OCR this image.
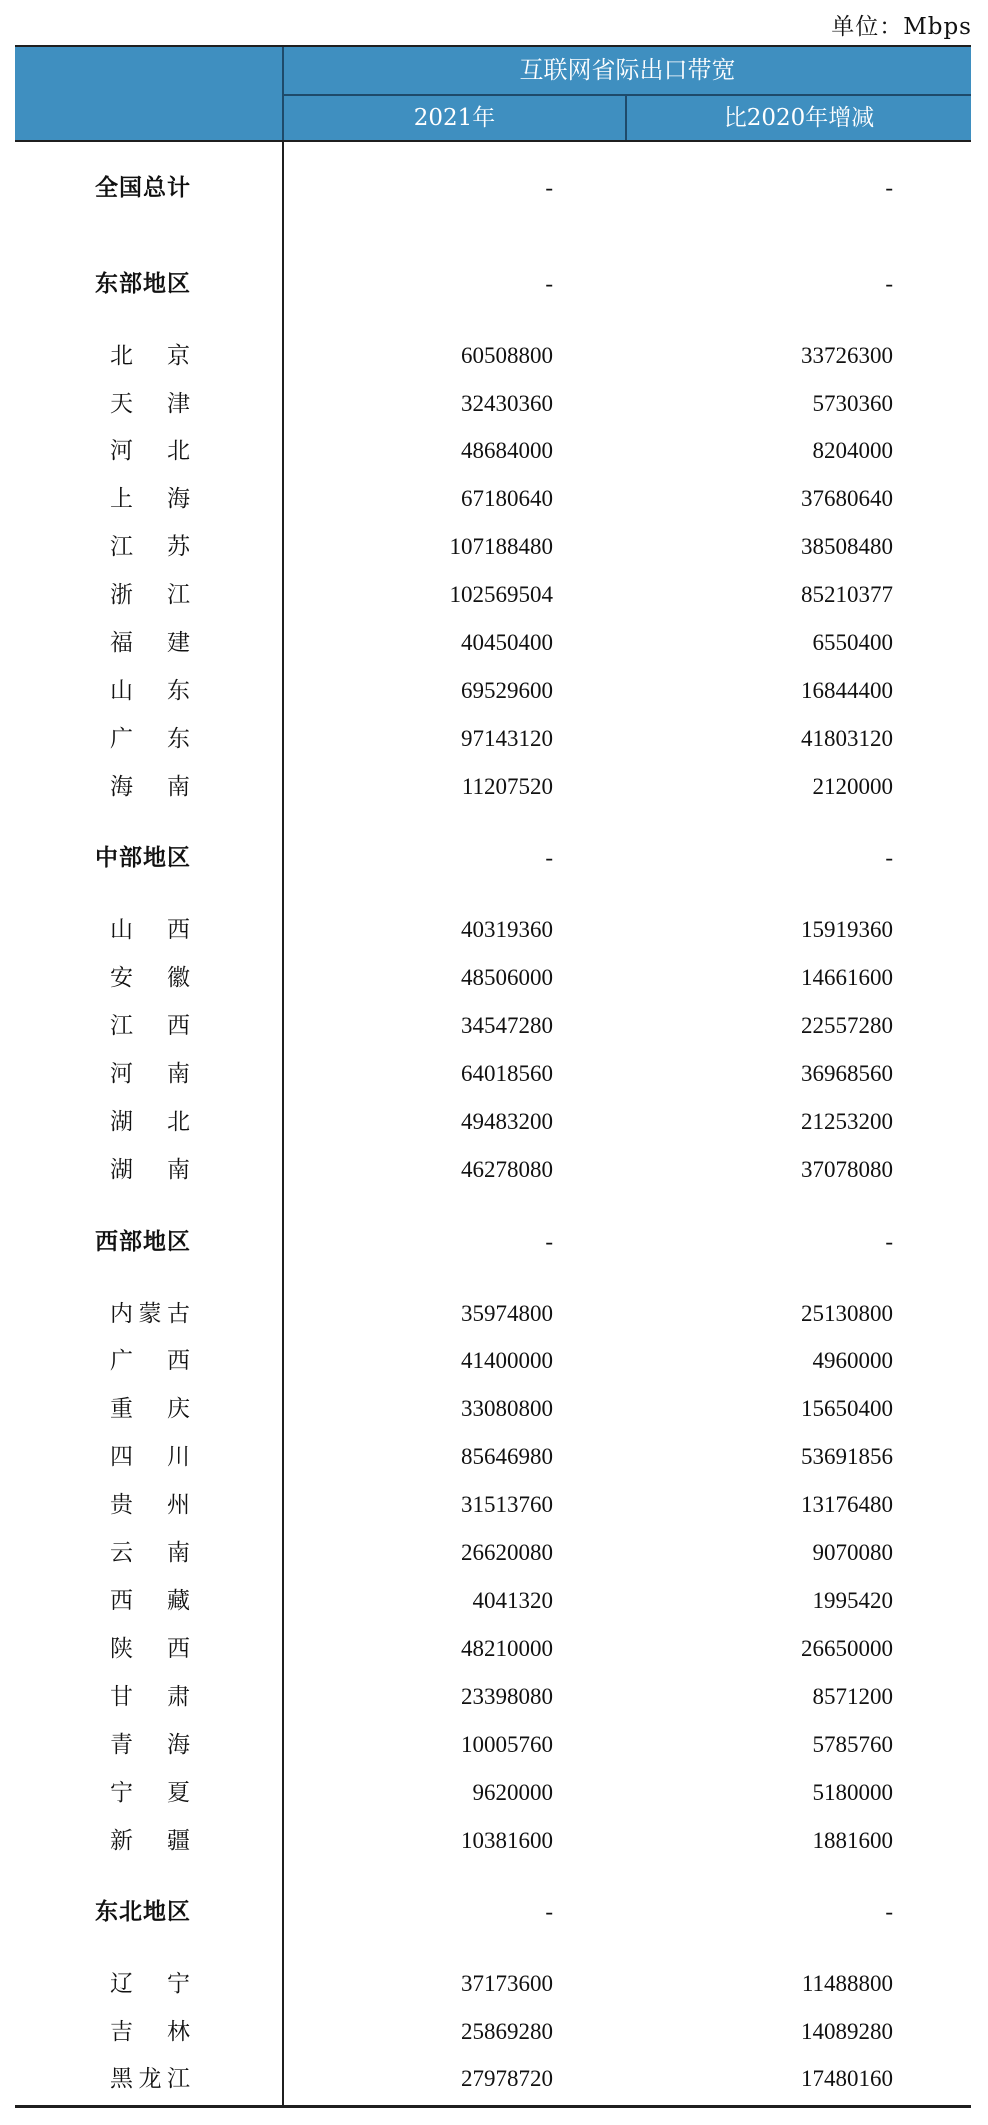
单位：Mbps
互联网省际出口带宽
2021年	比2020年增减
全国总计	-	-
东部地区	-	-
北京	60508800	33726300
天津	32430360	5730360
河北	48684000	8204000
上海	67180640	37680640
江苏	107188480	38508480
浙江	102569504	85210377
福建	40450400	6550400
山东	69529600	16844400
广东	97143120	41803120
海南	11207520	2120000
中部地区	-	-
山西	40319360	15919360
安徽	48506000	14661600
江西	34547280	22557280
河南	64018560	36968560
湖北	49483200	21253200
湖南	46278080	37078080
西部地区	-	-
内蒙古	35974800	25130800
广西	41400000	4960000
重庆	33080800	15650400
四川	85646980	53691856
贵州	31513760	13176480
云南	26620080	9070080
西藏	4041320	1995420
陕西	48210000	26650000
甘肃	23398080	8571200
青海	10005760	5785760
宁夏	9620000	5180000
新疆	10381600	1881600
东北地区	-	-
辽宁	37173600	11488800
吉林	25869280	14089280
黑龙江	27978720	17480160
